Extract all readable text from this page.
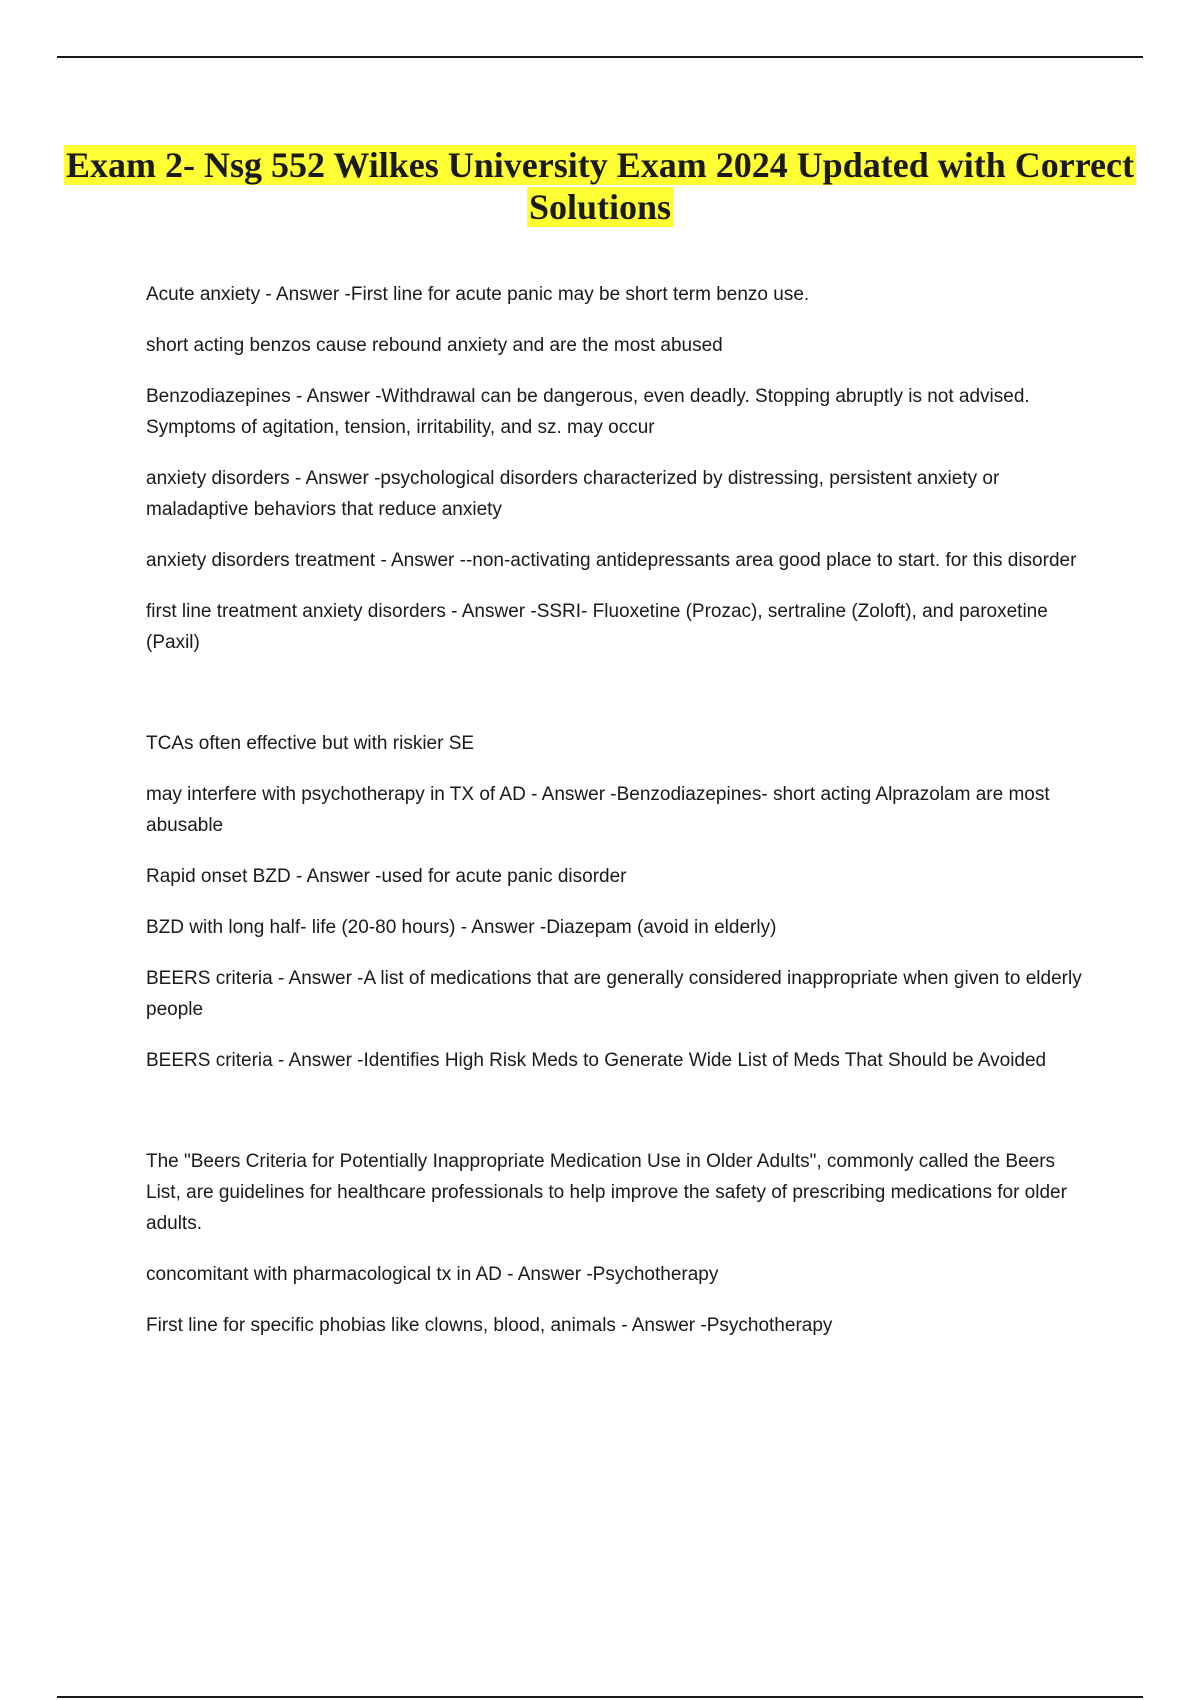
Exam 2- Nsg 552 Wilkes University Exam 2024 Updated with Correct Solutions

Acute anxiety - Answer -First line for acute panic may be short term benzo use.

short acting benzos cause rebound anxiety and are the most abused

Benzodiazepines - Answer -Withdrawal can be dangerous, even deadly. Stopping abruptly is not advised. Symptoms of agitation, tension, irritability, and sz. may occur

anxiety disorders - Answer -psychological disorders characterized by distressing, persistent anxiety or maladaptive behaviors that reduce anxiety

anxiety disorders treatment - Answer --non-activating antidepressants area good place to start. for this disorder

first line treatment anxiety disorders - Answer -SSRI- Fluoxetine (Prozac), sertraline (Zoloft), and paroxetine (Paxil)

TCAs often effective but with riskier SE

may interfere with psychotherapy in TX of AD - Answer -Benzodiazepines- short acting Alprazolam are most abusable

Rapid onset BZD - Answer -used for acute panic disorder

BZD with long half- life (20-80 hours) - Answer -Diazepam (avoid in elderly)

BEERS criteria - Answer -A list of medications that are generally considered inappropriate when given to elderly people

BEERS criteria - Answer -Identifies High Risk Meds to Generate Wide List of Meds That Should be Avoided

The "Beers Criteria for Potentially Inappropriate Medication Use in Older Adults", commonly called the Beers List, are guidelines for healthcare professionals to help improve the safety of prescribing medications for older adults.

concomitant with pharmacological tx in AD - Answer -Psychotherapy

First line for specific phobias like clowns, blood, animals - Answer -Psychotherapy
